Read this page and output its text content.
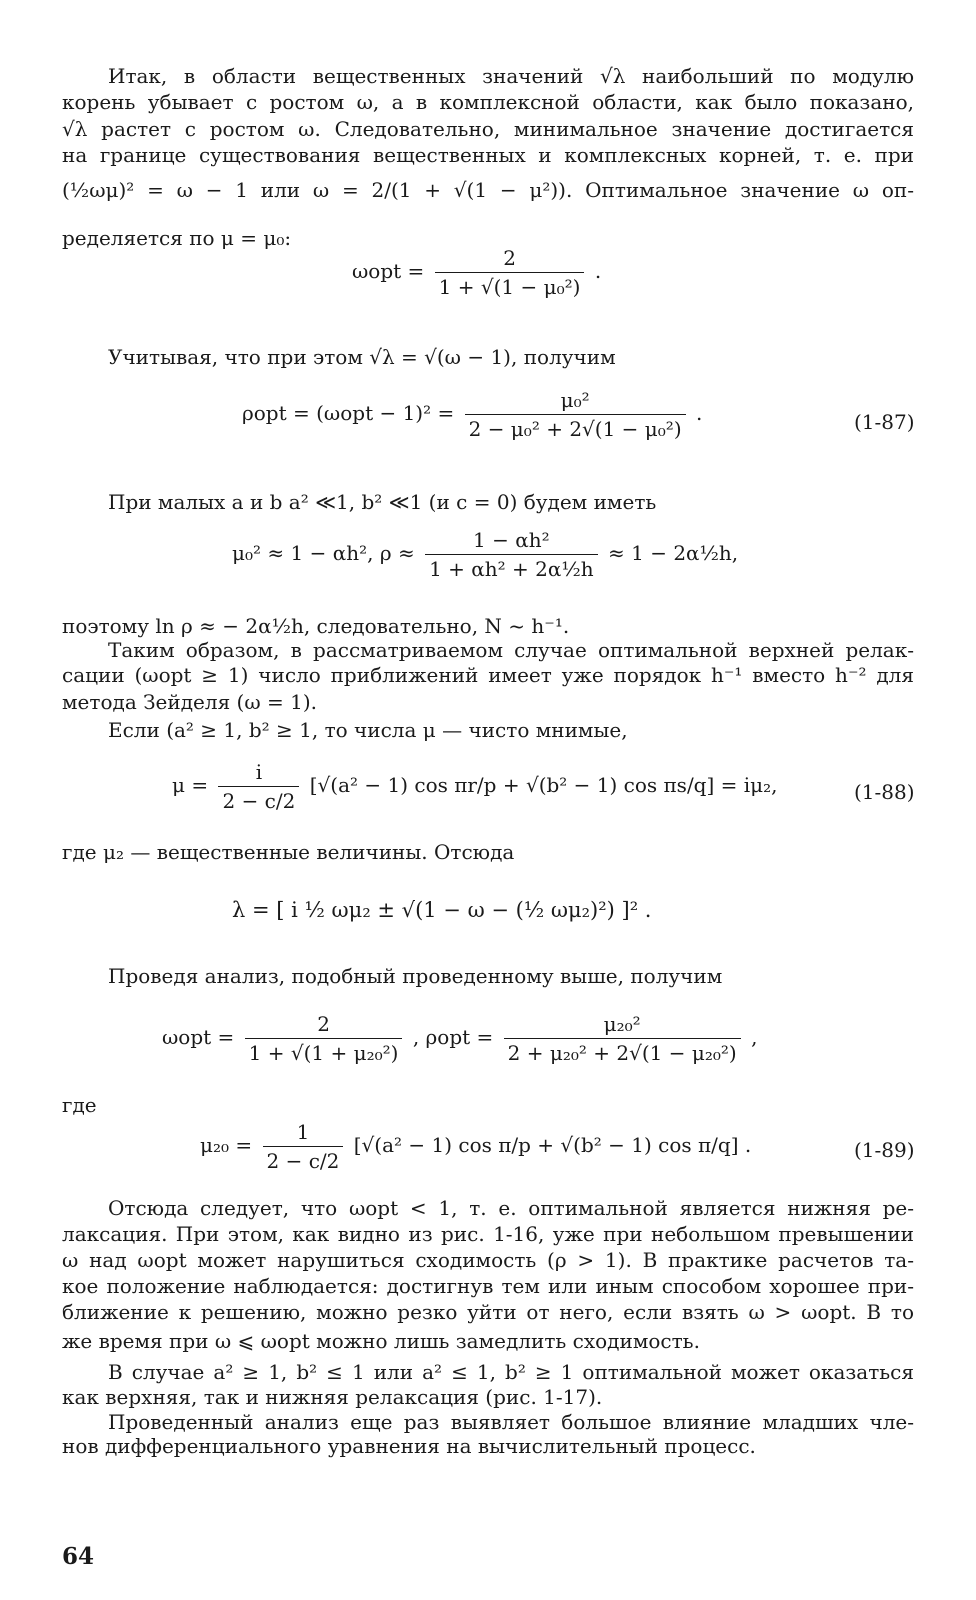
Итак, в области вещественных значений √λ наибольший по модулю
корень убывает с ростом ω, а в комплексной области, как было показано,
√λ растет с ростом ω. Следовательно, минимальное значение достигается
на границе существования вещественных и комплексных корней, т. е. при
(½ωμ)² = ω − 1 или ω = 2/(1 + √(1 − μ²)). Оптимальное значение ω оп-
ределяется по μ = μ₀:
$\omega opt = \frac{2}{\text{1 + √(1 − μ₀²)}}$ .
Учитывая, что при этом √λ = √(ω − 1), получим
$\rho opt = (\omega opt - 1)^2 = \frac{\text{μ₀²}}{\text{2 − μ₀² + 2√(1 − μ₀²)}}$ .	(1-87)
При малых a и b a² ≪1, b² ≪1 (и c = 0) будем иметь
μ₀² ≈ 1 − αh², $\rho \approx \frac{\text{1 − αh²}}{\text{1 + αh² + 2α½h}} \approx 1$ − 2α½h,
поэтому ln ρ ≈ − 2α½h, следовательно, N ~ h⁻¹.
Таким образом, в рассматриваемом случае оптимальной верхней релак-
сации (ωopt ≥ 1) число приближений имеет уже порядок h⁻¹ вместо h⁻² для
метода Зейделя (ω = 1).
Если (a² ≥ 1, b² ≥ 1, то числа μ — чисто мнимые,
$\mu = \frac{i}{2 - c/2} [√(a^2 - 1)$ cos πr/p + √(b² − 1) cos πs/q] = iμ₂,	(1-88)
где μ₂ — вещественные величины. Отсюда
λ = [ i ½ ωμ₂ ± √(1 − ω − (½ ωμ₂)²) ]² .
Проведя анализ, подобный проведенному выше, получим
$\omega opt = \frac{2}{\text{1 + √(1 + μ₂₀²)}}$ , $\rho opt = \frac{\text{μ₂₀²}}{\text{2 + μ₂₀² + 2√(1 − μ₂₀²)}}$ ,
где
$\mu_{20} = \frac{1}{2 - c/2} [√(a^2 - 1)$ cos π/p + √(b² − 1) cos π/q] .	(1-89)
Отсюда следует, что ωopt < 1, т. е. оптимальной является нижняя ре-
лаксация. При этом, как видно из рис. 1-16, уже при небольшом превышении
ω над ωopt может нарушиться сходимость (ρ > 1). В практике расчетов та-
кое положение наблюдается: достигнув тем или иным способом хорошее при-
ближение к решению, можно резко уйти от него, если взять ω > ωopt. В то
же время при ω ⩽ ωopt можно лишь замедлить сходимость.
В случае a² ≥ 1, b² ≤ 1 или a² ≤ 1, b² ≥ 1 оптимальной может оказаться
как верхняя, так и нижняя релаксация (рис. 1-17).
Проведенный анализ еще раз выявляет большое влияние младших чле-
нов дифференциального уравнения на вычислительный процесс.
64
